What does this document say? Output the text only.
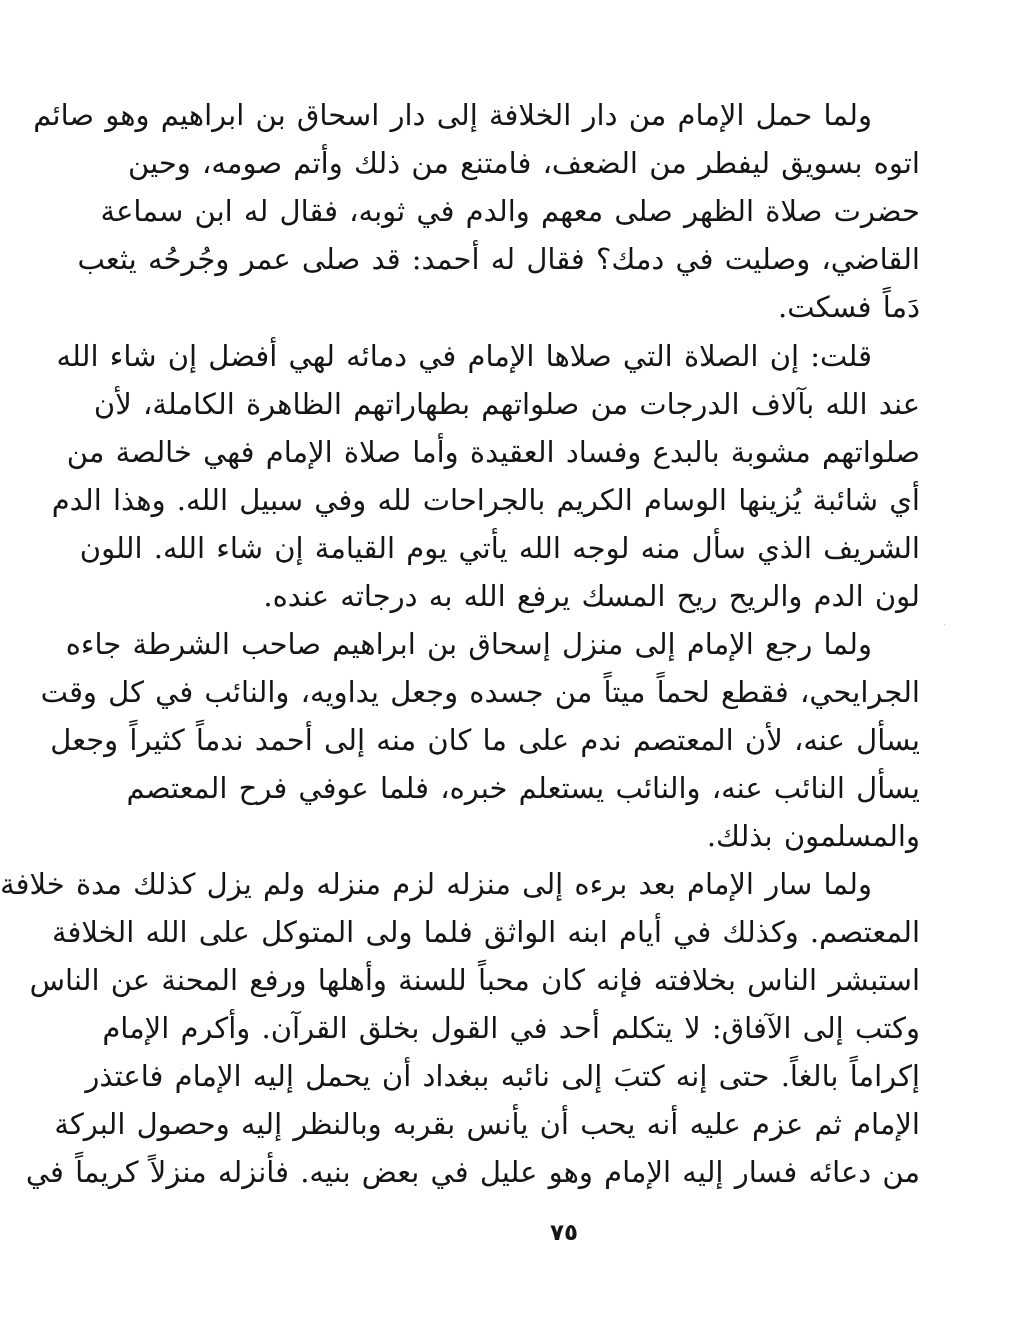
ولما حمل الإمام من دار الخلافة إلى دار اسحاق بن ابراهيم وهو صائم
اتوه بسويق ليفطر من الضعف، فامتنع من ذلك وأتم صومه، وحين
حضرت صلاة الظهر صلى معهم والدم في ثوبه، فقال له ابن سماعة
القاضي، وصليت في دمك؟ فقال له أحمد: قد صلى عمر وجُرحُه يثعب
دَماً فسكت.
قلت: إن الصلاة التي صلاها الإمام في دمائه لهي أفضل إن شاء الله
عند الله بآلاف الدرجات من صلواتهم بطهاراتهم الظاهرة الكاملة، لأن
صلواتهم مشوبة بالبدع وفساد العقيدة وأما صلاة الإمام فهي خالصة من
أي شائبة يُزينها الوسام الكريم بالجراحات لله وفي سبيل الله. وهذا الدم
الشريف الذي سأل منه لوجه الله يأتي يوم القيامة إن شاء الله. اللون
لون الدم والريح ريح المسك يرفع الله به درجاته عنده.
ولما رجع الإمام إلى منزل إسحاق بن ابراهيم صاحب الشرطة جاءه
الجرايحي، فقطع لحماً ميتاً من جسده وجعل يداويه، والنائب في كل وقت
يسأل عنه، لأن المعتصم ندم على ما كان منه إلى أحمد ندماً كثيراً وجعل
يسأل النائب عنه، والنائب يستعلم خبره، فلما عوفي فرح المعتصم
والمسلمون بذلك.
ولما سار الإمام بعد برءه إلى منزله لزم منزله ولم يزل كذلك مدة خلافة
المعتصم. وكذلك في أيام ابنه الواثق فلما ولى المتوكل على الله الخلافة
استبشر الناس بخلافته فإنه كان محباً للسنة وأهلها ورفع المحنة عن الناس
وكتب إلى الآفاق: لا يتكلم أحد في القول بخلق القرآن. وأكرم الإمام
إكراماً بالغاً. حتى إنه كتبَ إلى نائبه ببغداد أن يحمل إليه الإمام فاعتذر
الإمام ثم عزم عليه أنه يحب أن يأنس بقربه وبالنظر إليه وحصول البركة
من دعائه فسار إليه الإمام وهو عليل في بعض بنيه. فأنزله منزلاً كريماً في
٧٥
